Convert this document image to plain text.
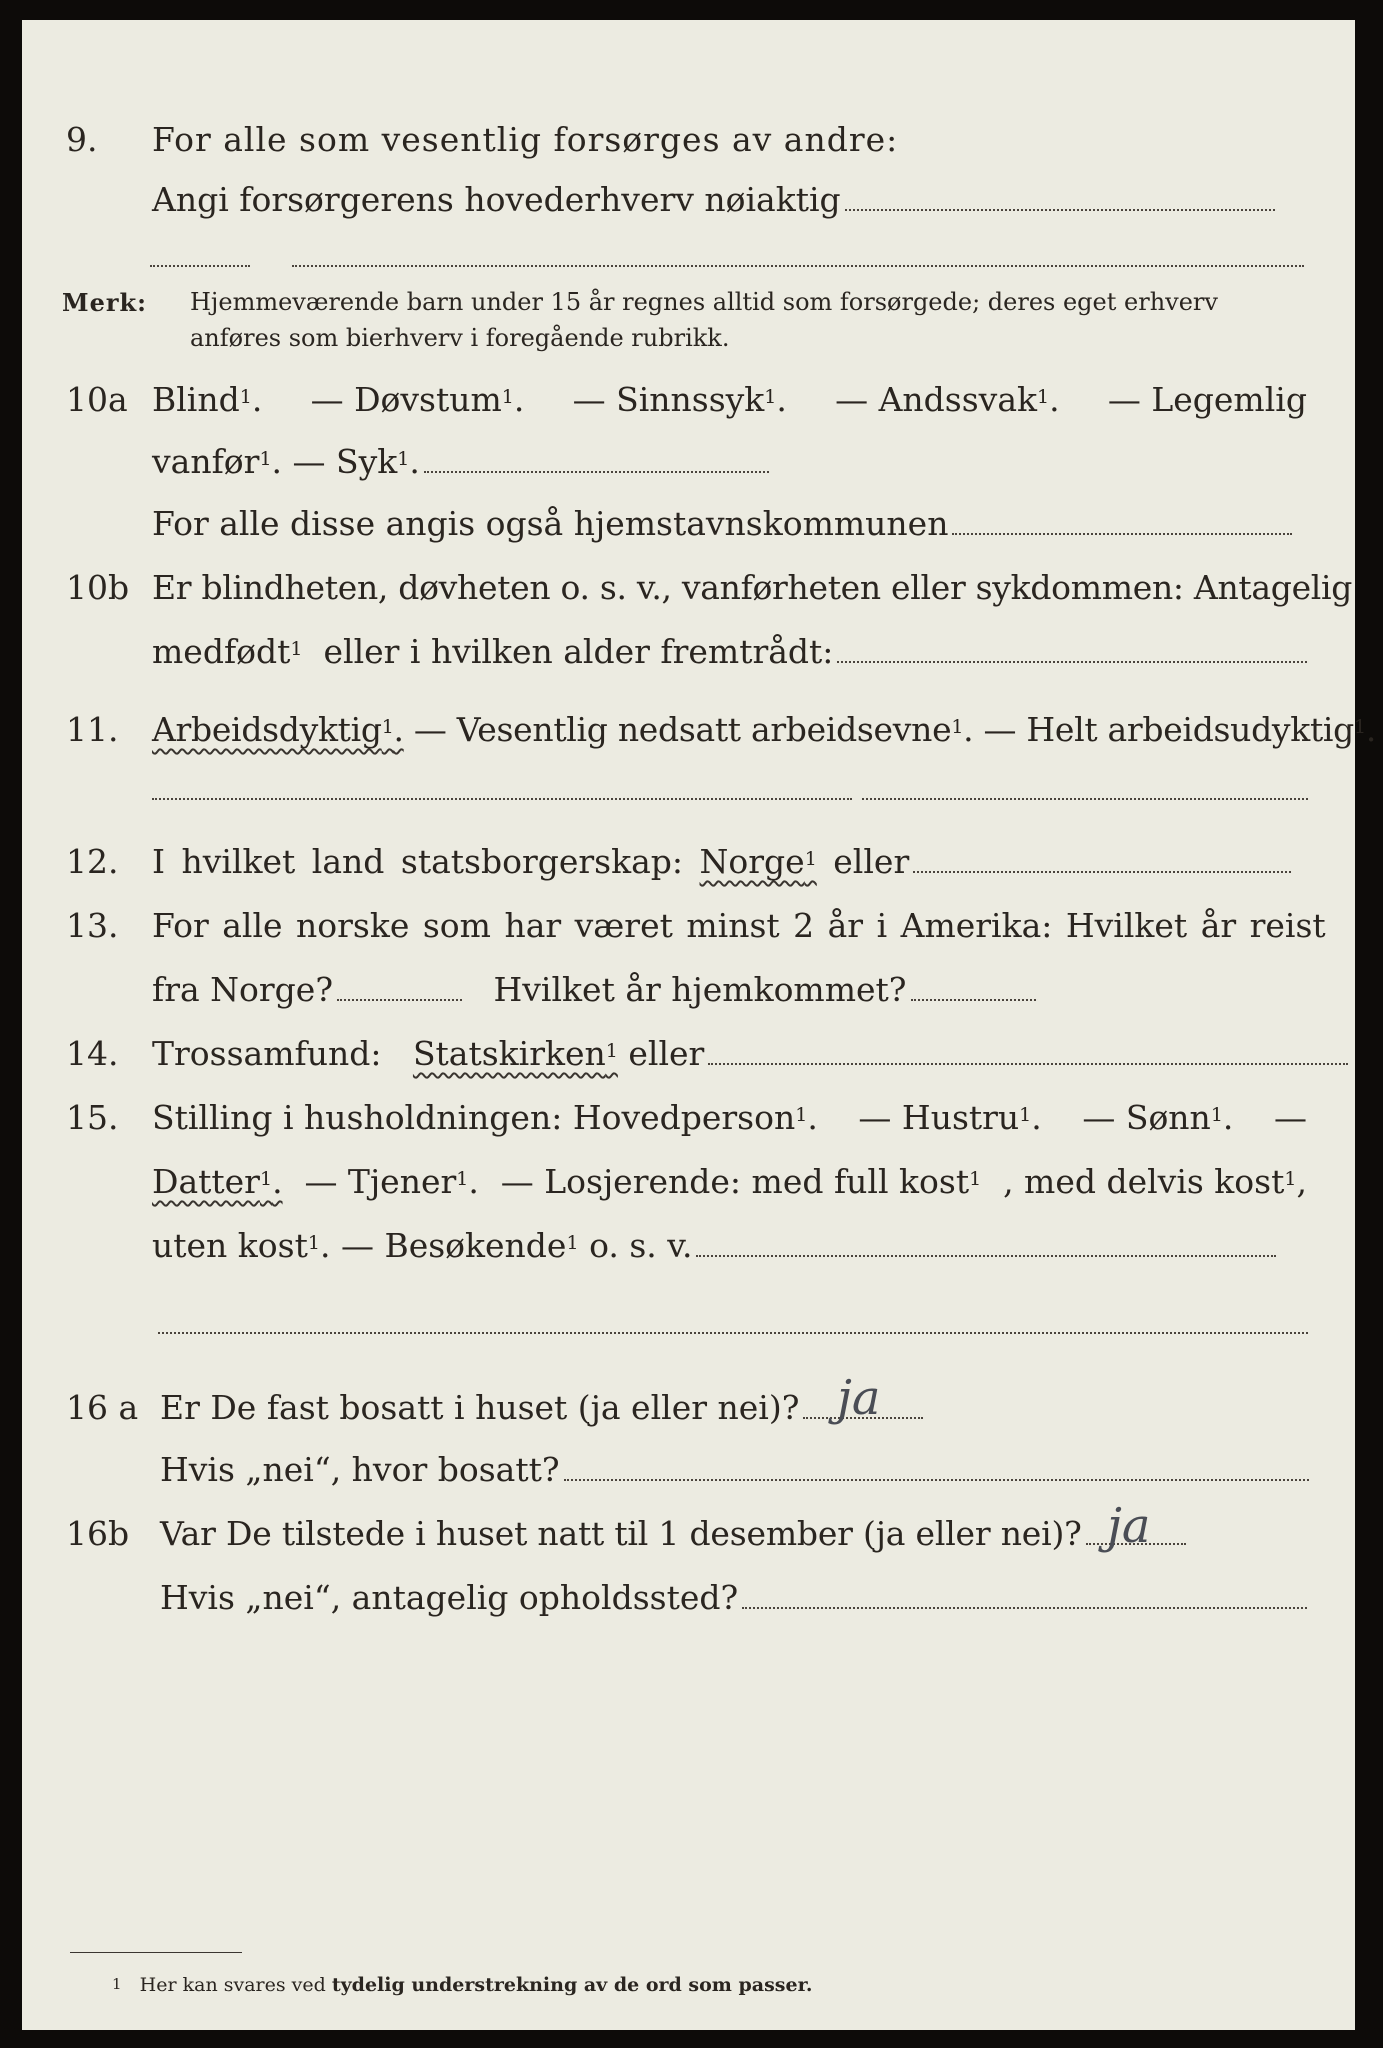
9. For alle som vesentlig forsørges av andre:
Angi forsørgerens hovederhverv nøiaktig
Merk: Hjemmeværende barn under 15 år regnes alltid som forsørgede; deres eget erhverv
anføres som bierhverv i foregående rubrikk.
10a Blind$^1$. — Døvstum$^1$. — Sinnssyk$^1$. — Andssvak$^1$. — Legemlig
vanfør$^1$. — Syk$^1$.
For alle disse angis også hjemstavnskommunen
10b Er blindheten, døvheten o. s. v., vanførheten eller sykdommen: Antagelig
medfødt$^1$ eller i hvilken alder fremtrådt:
11. Arbeidsdyktig$^1$. — Vesentlig nedsatt arbeidsevne$^1$. — Helt arbeidsudyktig$^1$.
12. I hvilket land statsborgerskap: Norge$^1$ eller
13. For alle norske som har været minst 2 år i Amerika: Hvilket år reist
fra Norge?	Hvilket år hjemkommet?
14. Trossamfund: Statskirken$^1$ eller
15. Stilling i husholdningen: Hovedperson$^1$. — Hustru$^1$. — Sønn$^1$. —
Datter$^1$. — Tjener$^1$. — Losjerende: med full kost$^1$ , med delvis kost$^1$,
uten kost$^1$. — Besøkende$^1$ o. s. v.
16 a Er De fast bosatt i huset (ja eller nei)? ja
Hvis „nei“, hvor bosatt?
16b Var De tilstede i huset natt til 1 desember (ja eller nei)? ja
Hvis „nei“, antagelig opholdssted?
1 Her kan svares ved tydelig understrekning av de ord som passer.
